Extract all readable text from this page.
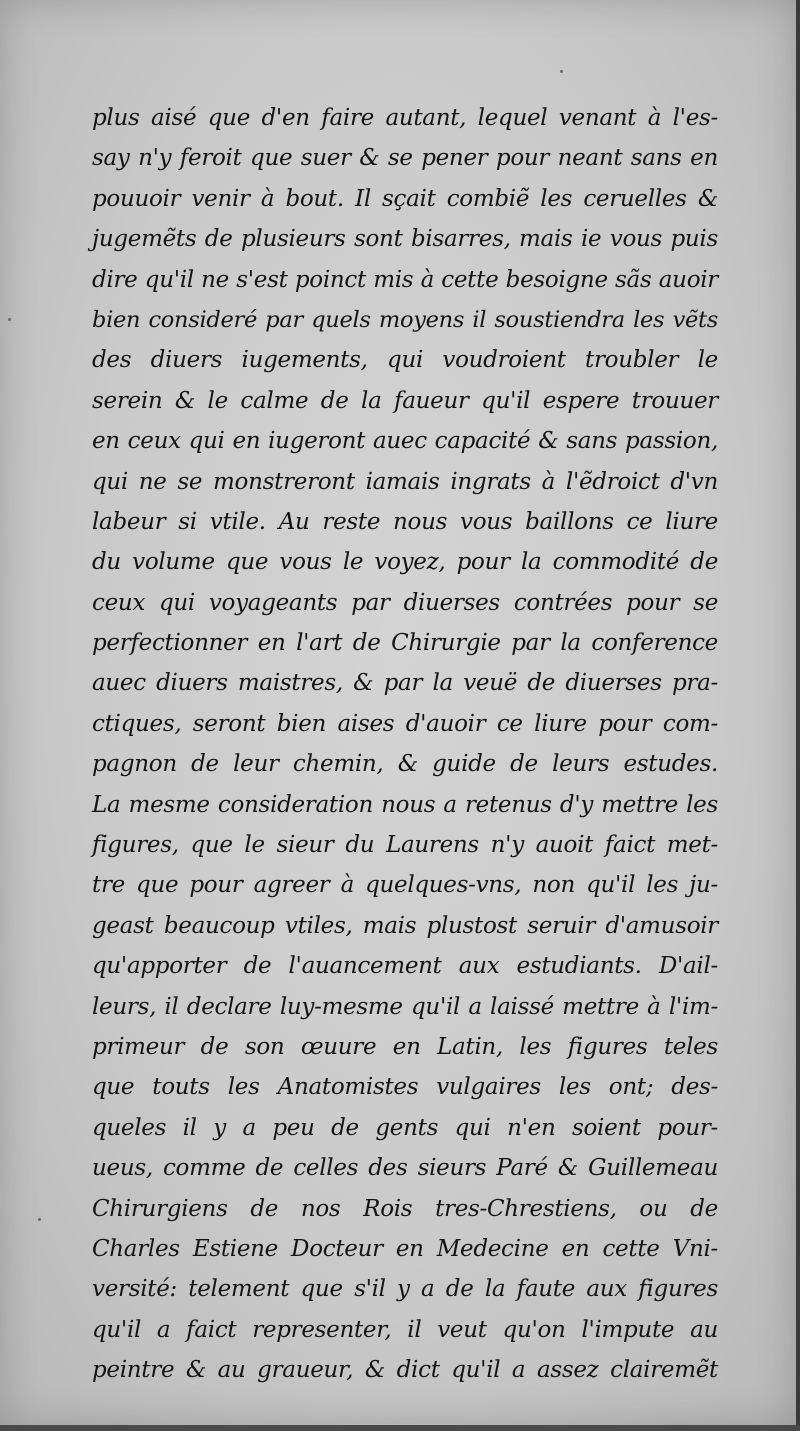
plus aisé que d'en faire autant, lequel venant à l'es-
say n'y feroit que suer & se pener pour neant sans en
pouuoir venir à bout. Il sçait combiẽ les ceruelles &
jugemẽts de plusieurs sont bisarres, mais ie vous puis
dire qu'il ne s'est poinct mis à cette besoigne sãs auoir
bien consideré par quels moyens il soustiendra les vẽts
des diuers iugements, qui voudroient troubler le
serein & le calme de la faueur qu'il espere trouuer
en ceux qui en iugeront auec capacité & sans passion,
qui ne se monstreront iamais ingrats à l'ẽdroict d'vn
labeur si vtile. Au reste nous vous baillons ce liure
du volume que vous le voyez, pour la commodité de
ceux qui voyageants par diuerses contrées pour se
perfectionner en l'art de Chirurgie par la conference
auec diuers maistres, & par la veuë de diuerses pra-
ctiques, seront bien aises d'auoir ce liure pour com-
pagnon de leur chemin, & guide de leurs estudes.
La mesme consideration nous a retenus d'y mettre les
figures, que le sieur du Laurens n'y auoit faict met-
tre que pour agreer à quelques-vns, non qu'il les ju-
geast beaucoup vtiles, mais plustost seruir d'amusoir
qu'apporter de l'auancement aux estudiants. D'ail-
leurs, il declare luy-mesme qu'il a laissé mettre à l'im-
primeur de son œuure en Latin, les figures teles
que touts les Anatomistes vulgaires les ont; des-
queles il y a peu de gents qui n'en soient pour-
ueus, comme de celles des sieurs Paré & Guillemeau
Chirurgiens de nos Rois tres-Chrestiens, ou de
Charles Estiene Docteur en Medecine en cette Vni-
versité: telement que s'il y a de la faute aux figures
qu'il a faict representer, il veut qu'on l'impute au
peintre & au graueur, & dict qu'il a assez clairemẽt
